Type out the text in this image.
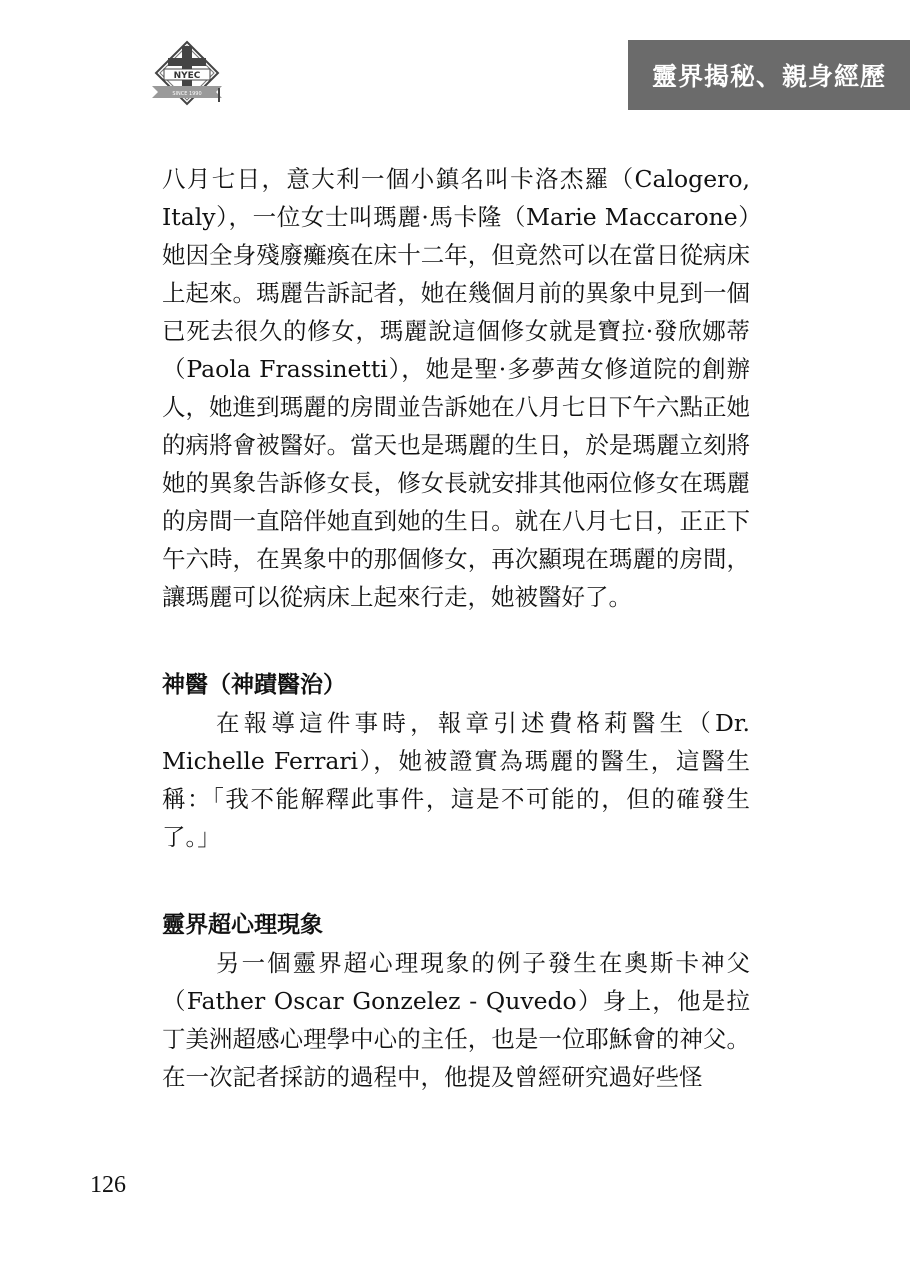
NYEC
SINCE 1990
靈界揭秘、親身經歷

八月七日，意大利一個小鎮名叫卡洛杰羅（Calogero, Italy），一位女士叫瑪麗·馬卡隆（Marie Maccarone）她因全身殘廢癱瘓在床十二年，但竟然可以在當日從病床上起來。瑪麗告訴記者，她在幾個月前的異象中見到一個已死去很久的修女，瑪麗說這個修女就是寶拉·發欣娜蒂（Paola Frassinetti），她是聖·多夢茜女修道院的創辦人，她進到瑪麗的房間並告訴她在八月七日下午六點正她的病將會被醫好。當天也是瑪麗的生日，於是瑪麗立刻將她的異象告訴修女長，修女長就安排其他兩位修女在瑪麗的房間一直陪伴她直到她的生日。就在八月七日，正正下午六時，在異象中的那個修女，再次顯現在瑪麗的房間，讓瑪麗可以從病床上起來行走，她被醫好了。

神醫（神蹟醫治）

在報導這件事時，報章引述費格莉醫生（Dr. Michelle Ferrari），她被證實為瑪麗的醫生，這醫生稱：「我不能解釋此事件，這是不可能的，但的確發生了。」

靈界超心理現象

另一個靈界超心理現象的例子發生在奧斯卡神父（Father Oscar Gonzelez - Quvedo）身上，他是拉丁美洲超感心理學中心的主任，也是一位耶穌會的神父。在一次記者採訪的過程中，他提及曾經研究過好些怪

126
